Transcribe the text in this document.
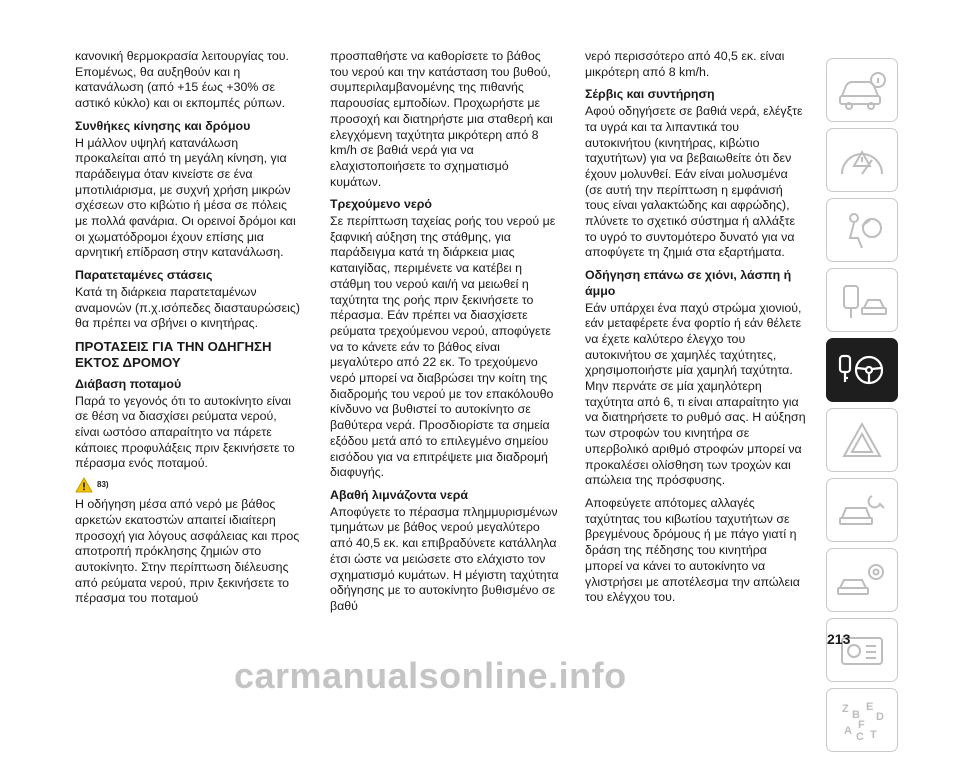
κανονική θερμοκρασία λειτουργίας του. Επομένως, θα αυξηθούν και η κατανάλωση (από +15 έως +30% σε αστικό κύκλο) και οι εκπομπές ρύπων.

Συνθήκες κίνησης και δρόμου

Η μάλλον υψηλή κατανάλωση προκαλείται από τη μεγάλη κίνηση, για παράδειγμα όταν κινείστε σε ένα μποτιλιάρισμα, με συχνή χρήση μικρών σχέσεων στο κιβώτιο ή μέσα σε πόλεις με πολλά φανάρια. Οι ορεινοί δρόμοι και οι χωματόδρομοι έχουν επίσης μια αρνητική επίδραση στην κατανάλωση.

Παρατεταμένες στάσεις

Κατά τη διάρκεια παρατεταμένων αναμονών (π.χ.ισόπεδες διασταυρώσεις) θα πρέπει να σβήνει ο κινητήρας.

ΠΡΟΤΑΣΕΙΣ ΓΙΑ ΤΗΝ ΟΔΗΓΗΣΗ ΕΚΤΟΣ ΔΡΟΜΟΥ
Διάβαση ποταμού

Παρά το γεγονός ότι το αυτοκίνητο είναι σε θέση να διασχίσει ρεύματα νερού, είναι ωστόσο απαραίτητο να πάρετε κάποιες προφυλάξεις πριν ξεκινήσετε το πέρασμα ενός ποταμού.

83)

Η οδήγηση μέσα από νερό με βάθος αρκετών εκατοστών απαιτεί ιδιαίτερη προσοχή για λόγους ασφάλειας και προς αποτροπή πρόκλησης ζημιών στο αυτοκίνητο. Στην περίπτωση διέλευσης από ρεύματα νερού, πριν ξεκινήσετε το πέρασμα του ποταμού

προσπαθήστε να καθορίσετε το βάθος του νερού και την κατάσταση του βυθού, συμπεριλαμβανομένης της πιθανής παρουσίας εμποδίων. Προχωρήστε με προσοχή και διατηρήστε μια σταθερή και ελεγχόμενη ταχύτητα μικρότερη από 8 km/h σε βαθιά νερά για να ελαχιστοποιήσετε το σχηματισμό κυμάτων.

Τρεχούμενο νερό

Σε περίπτωση ταχείας ροής του νερού με ξαφνική αύξηση της στάθμης, για παράδειγμα κατά τη διάρκεια μιας καταιγίδας, περιμένετε να κατέβει η στάθμη του νερού και/ή να μειωθεί η ταχύτητα της ροής πριν ξεκινήσετε το πέρασμα. Εάν πρέπει να διασχίσετε ρεύματα τρεχούμενου νερού, αποφύγετε να το κάνετε εάν το βάθος είναι μεγαλύτερο από 22 εκ. Το τρεχούμενο νερό μπορεί να διαβρώσει την κοίτη της διαδρομής του νερού με τον επακόλουθο κίνδυνο να βυθιστεί το αυτοκίνητο σε βαθύτερα νερά. Προσδιορίστε τα σημεία εξόδου μετά από το επιλεγμένο σημείου εισόδου για να επιτρέψετε μια διαδρομή διαφυγής.

Αβαθή λιμνάζοντα νερά

Αποφύγετε το πέρασμα πλημμυρισμένων τμημάτων με βάθος νερού μεγαλύτερο από 40,5 εκ. και επιβραδύνετε κατάλληλα έτσι ώστε να μειώσετε στο ελάχιστο τον σχηματισμό κυμάτων. Η μέγιστη ταχύτητα οδήγησης με το αυτοκίνητο βυθισμένο σε βαθύ

νερό περισσότερο από 40,5 εκ. είναι μικρότερη από 8 km/h.

Σέρβις και συντήρηση

Αφού οδηγήσετε σε βαθιά νερά, ελέγξτε τα υγρά και τα λιπαντικά του αυτοκινήτου (κινητήρας, κιβώτιο ταχυτήτων) για να βεβαιωθείτε ότι δεν έχουν μολυνθεί. Εάν είναι μολυσμένα (σε αυτή την περίπτωση η εμφάνισή τους είναι γαλακτώδης και αφρώδης), πλύνετε το σχετικό σύστημα ή αλλάξτε το υγρό το συντομότερο δυνατό για να αποφύγετε τη ζημιά στα εξαρτήματα.

Οδήγηση επάνω σε χιόνι, λάσπη ή άμμο

Εάν υπάρχει ένα παχύ στρώμα χιονιού, εάν μεταφέρετε ένα φορτίο ή εάν θέλετε να έχετε καλύτερο έλεγχο του αυτοκινήτου σε χαμηλές ταχύτητες, χρησιμοποιήστε μία χαμηλή ταχύτητα. Μην περνάτε σε μία χαμηλότερη ταχύτητα από 6, τι είναι απαραίτητο για να διατηρήσετε το ρυθμό σας. Η αύξηση των στροφών του κινητήρα σε υπερβολικό αριθμό στροφών μπορεί να προκαλέσει ολίσθηση των τροχών και απώλεια της πρόσφυσης.

Αποφεύγετε απότομες αλλαγές ταχύτητας του κιβωτίου ταχυτήτων σε βρεγμένους δρόμους ή με πάγο γιατί η δράση της πέδησης του κινητήρα μπορεί να κάνει το αυτοκίνητο να γλιστρήσει με αποτέλεσμα την απώλεια του ελέγχου του.

Z B
E
D
A F
C T
213
carmanualsonline.info
